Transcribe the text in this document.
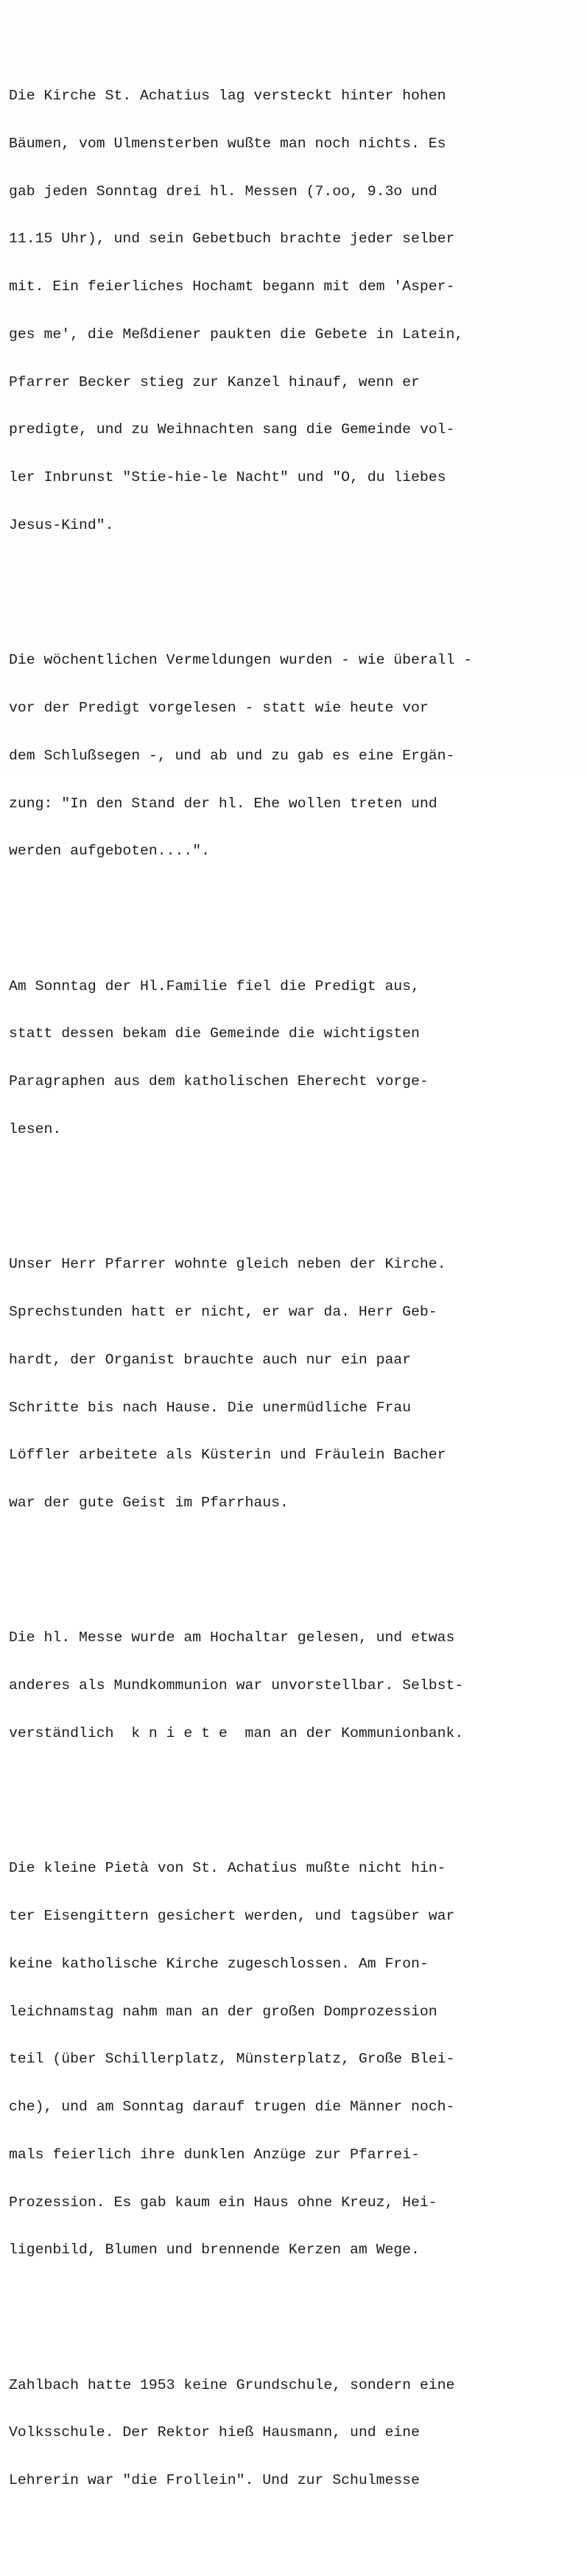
Die Kirche St. Achatius lag versteckt hinter hohen

Bäumen, vom Ulmensterben wußte man noch nichts. Es

gab jeden Sonntag drei hl. Messen (7.oo, 9.3o und

11.15 Uhr), und sein Gebetbuch brachte jeder selber

mit. Ein feierliches Hochamt begann mit dem 'Asper-

ges me', die Meßdiener paukten die Gebete in Latein,

Pfarrer Becker stieg zur Kanzel hinauf, wenn er

predigte, und zu Weihnachten sang die Gemeinde vol-

ler Inbrunst "Stie-hie-le Nacht" und "O, du liebes

Jesus-Kind".

Die wöchentlichen Vermeldungen wurden - wie überall -

vor der Predigt vorgelesen - statt wie heute vor

dem Schlußsegen -, und ab und zu gab es eine Ergän-

zung: "In den Stand der hl. Ehe wollen treten und

werden aufgeboten....".

Am Sonntag der Hl.Familie fiel die Predigt aus,

statt dessen bekam die Gemeinde die wichtigsten

Paragraphen aus dem katholischen Eherecht vorge-

lesen.

Unser Herr Pfarrer wohnte gleich neben der Kirche.

Sprechstunden hatt er nicht, er war da. Herr Geb-

hardt, der Organist brauchte auch nur ein paar

Schritte bis nach Hause. Die unermüdliche Frau

Löffler arbeitete als Küsterin und Fräulein Bacher

war der gute Geist im Pfarrhaus.

Die hl. Messe wurde am Hochaltar gelesen, und etwas

anderes als Mundkommunion war unvorstellbar. Selbst-

verständlich  k n i e t e  man an der Kommunionbank.

Die kleine Pietà von St. Achatius mußte nicht hin-

ter Eisengittern gesichert werden, und tagsüber war

keine katholische Kirche zugeschlossen. Am Fron-

leichnamstag nahm man an der großen Domprozession

teil (über Schillerplatz, Münsterplatz, Große Blei-

che), und am Sonntag darauf trugen die Männer noch-

mals feierlich ihre dunklen Anzüge zur Pfarrei-

Prozession. Es gab kaum ein Haus ohne Kreuz, Hei-

ligenbild, Blumen und brennende Kerzen am Wege.

Zahlbach hatte 1953 keine Grundschule, sondern eine

Volksschule. Der Rektor hieß Hausmann, und eine

Lehrerin war "die Frollein". Und zur Schulmesse
